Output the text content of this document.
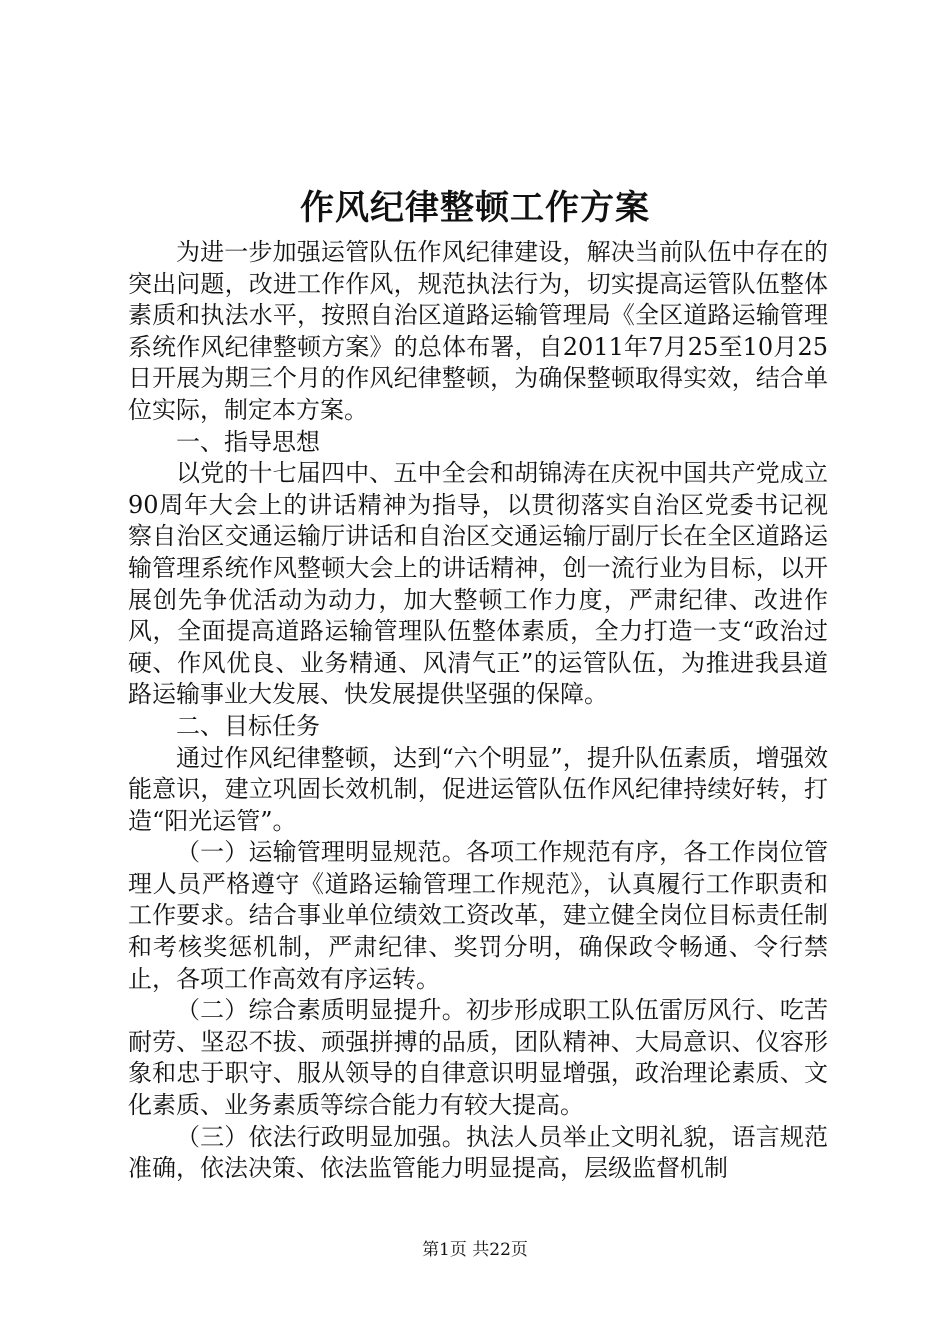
作风纪律整顿工作方案

为进一步加强运管队伍作风纪律建设，解决当前队伍中存在的突出问题，改进工作作风，规范执法行为，切实提高运管队伍整体素质和执法水平，按照自治区道路运输管理局《全区道路运输管理系统作风纪律整顿方案》的总体布署，自2011年7月25至10月25日开展为期三个月的作风纪律整顿，为确保整顿取得实效，结合单位实际，制定本方案。

一、指导思想

以党的十七届四中、五中全会和胡锦涛在庆祝中国共产党成立90周年大会上的讲话精神为指导，以贯彻落实自治区党委书记视察自治区交通运输厅讲话和自治区交通运输厅副厅长在全区道路运输管理系统作风整顿大会上的讲话精神，创一流行业为目标，以开展创先争优活动为动力，加大整顿工作力度，严肃纪律、改进作风，全面提高道路运输管理队伍整体素质，全力打造一支“政治过硬、作风优良、业务精通、风清气正”的运管队伍，为推进我县道路运输事业大发展、快发展提供坚强的保障。

二、目标任务

通过作风纪律整顿，达到“六个明显”，提升队伍素质，增强效能意识，建立巩固长效机制，促进运管队伍作风纪律持续好转，打造“阳光运管”。

（一）运输管理明显规范。各项工作规范有序，各工作岗位管理人员严格遵守《道路运输管理工作规范》，认真履行工作职责和工作要求。结合事业单位绩效工资改革，建立健全岗位目标责任制和考核奖惩机制，严肃纪律、奖罚分明，确保政令畅通、令行禁止，各项工作高效有序运转。

（二）综合素质明显提升。初步形成职工队伍雷厉风行、吃苦耐劳、坚忍不拔、顽强拼搏的品质，团队精神、大局意识、仪容形象和忠于职守、服从领导的自律意识明显增强，政治理论素质、文化素质、业务素质等综合能力有较大提高。

（三）依法行政明显加强。执法人员举止文明礼貌，语言规范准确，依法决策、依法监管能力明显提高，层级监督机制

第1页 共22页
